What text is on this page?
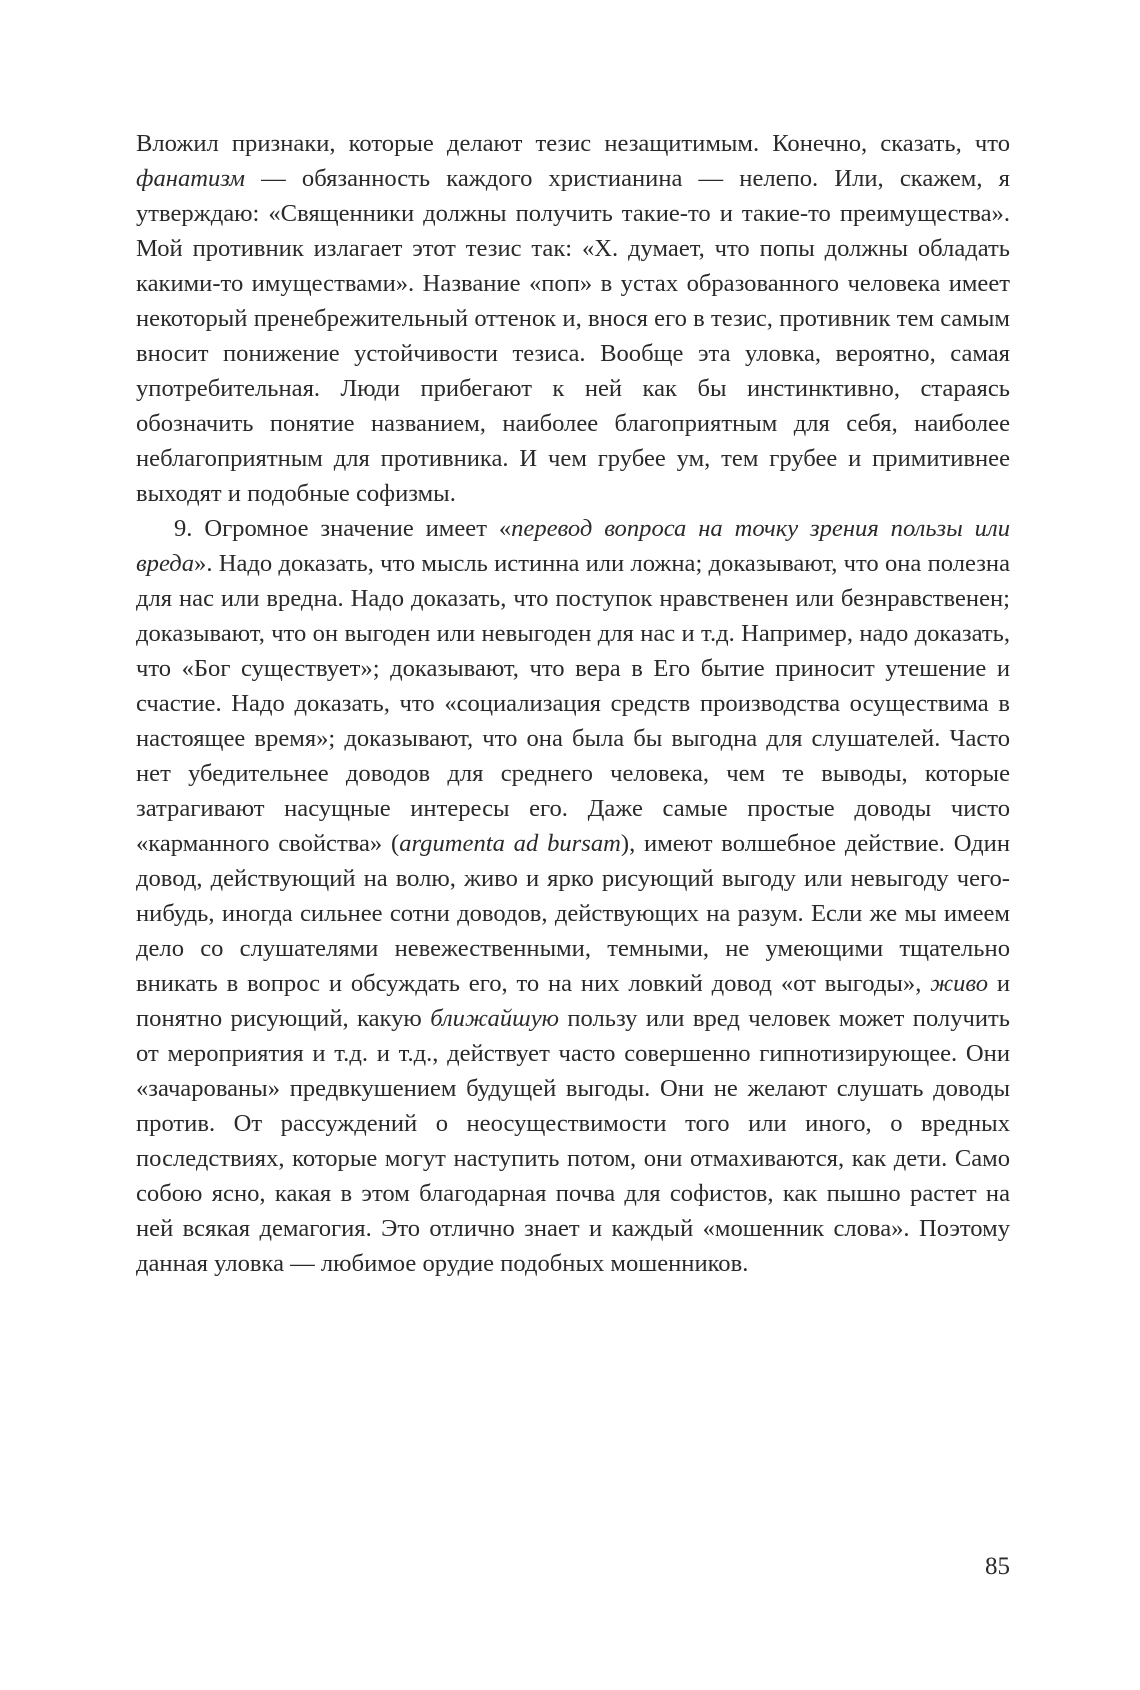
Вложил признаки, которые делают тезис незащитимым. Конечно, сказать, что фанатизм — обязанность каждого христианина — нелепо. Или, скажем, я утверждаю: «Священники должны получить такие-то и такие-то преимущества». Мой противник излагает этот тезис так: «X. думает, что попы должны обладать какими-то имуществами». Название «поп» в устах образованного человека имеет некоторый пренебрежительный оттенок и, внося его в тезис, противник тем самым вносит понижение устойчивости тезиса. Вообще эта уловка, вероятно, самая употребительная. Люди прибегают к ней как бы инстинктивно, стараясь обозначить понятие названием, наиболее благоприятным для себя, наиболее неблагоприятным для противника. И чем грубее ум, тем грубее и примитивнее выходят и подобные софизмы.

9. Огромное значение имеет «перевод вопроса на точку зрения пользы или вреда». Надо доказать, что мысль истинна или ложна; доказывают, что она полезна для нас или вредна. Надо доказать, что поступок нравственен или безнравственен; доказывают, что он выгоден или невыгоден для нас и т.д. Например, надо доказать, что «Бог существует»; доказывают, что вера в Его бытие приносит утешение и счастие. Надо доказать, что «социализация средств производства осуществима в настоящее время»; доказывают, что она была бы выгодна для слушателей. Часто нет убедительнее доводов для среднего человека, чем те выводы, которые затрагивают насущные интересы его. Даже самые простые доводы чисто «карманного свойства» (argumenta ad bursam), имеют волшебное действие. Один довод, действующий на волю, живо и ярко рисующий выгоду или невыгоду чего-нибудь, иногда сильнее сотни доводов, действующих на разум. Если же мы имеем дело со слушателями невежественными, темными, не умеющими тщательно вникать в вопрос и обсуждать его, то на них ловкий довод «от выгоды», живо и понятно рисующий, какую ближайшую пользу или вред человек может получить от мероприятия и т.д. и т.д., действует часто совершенно гипнотизирующее. Они «зачарованы» предвкушением будущей выгоды. Они не желают слушать доводы против. От рассуждений о неосуществимости того или иного, о вредных последствиях, которые могут наступить потом, они отмахиваются, как дети. Само собою ясно, какая в этом благодарная почва для софистов, как пышно растет на ней всякая демагогия. Это отлично знает и каждый «мошенник слова». Поэтому данная уловка — любимое орудие подобных мошенников.

85
